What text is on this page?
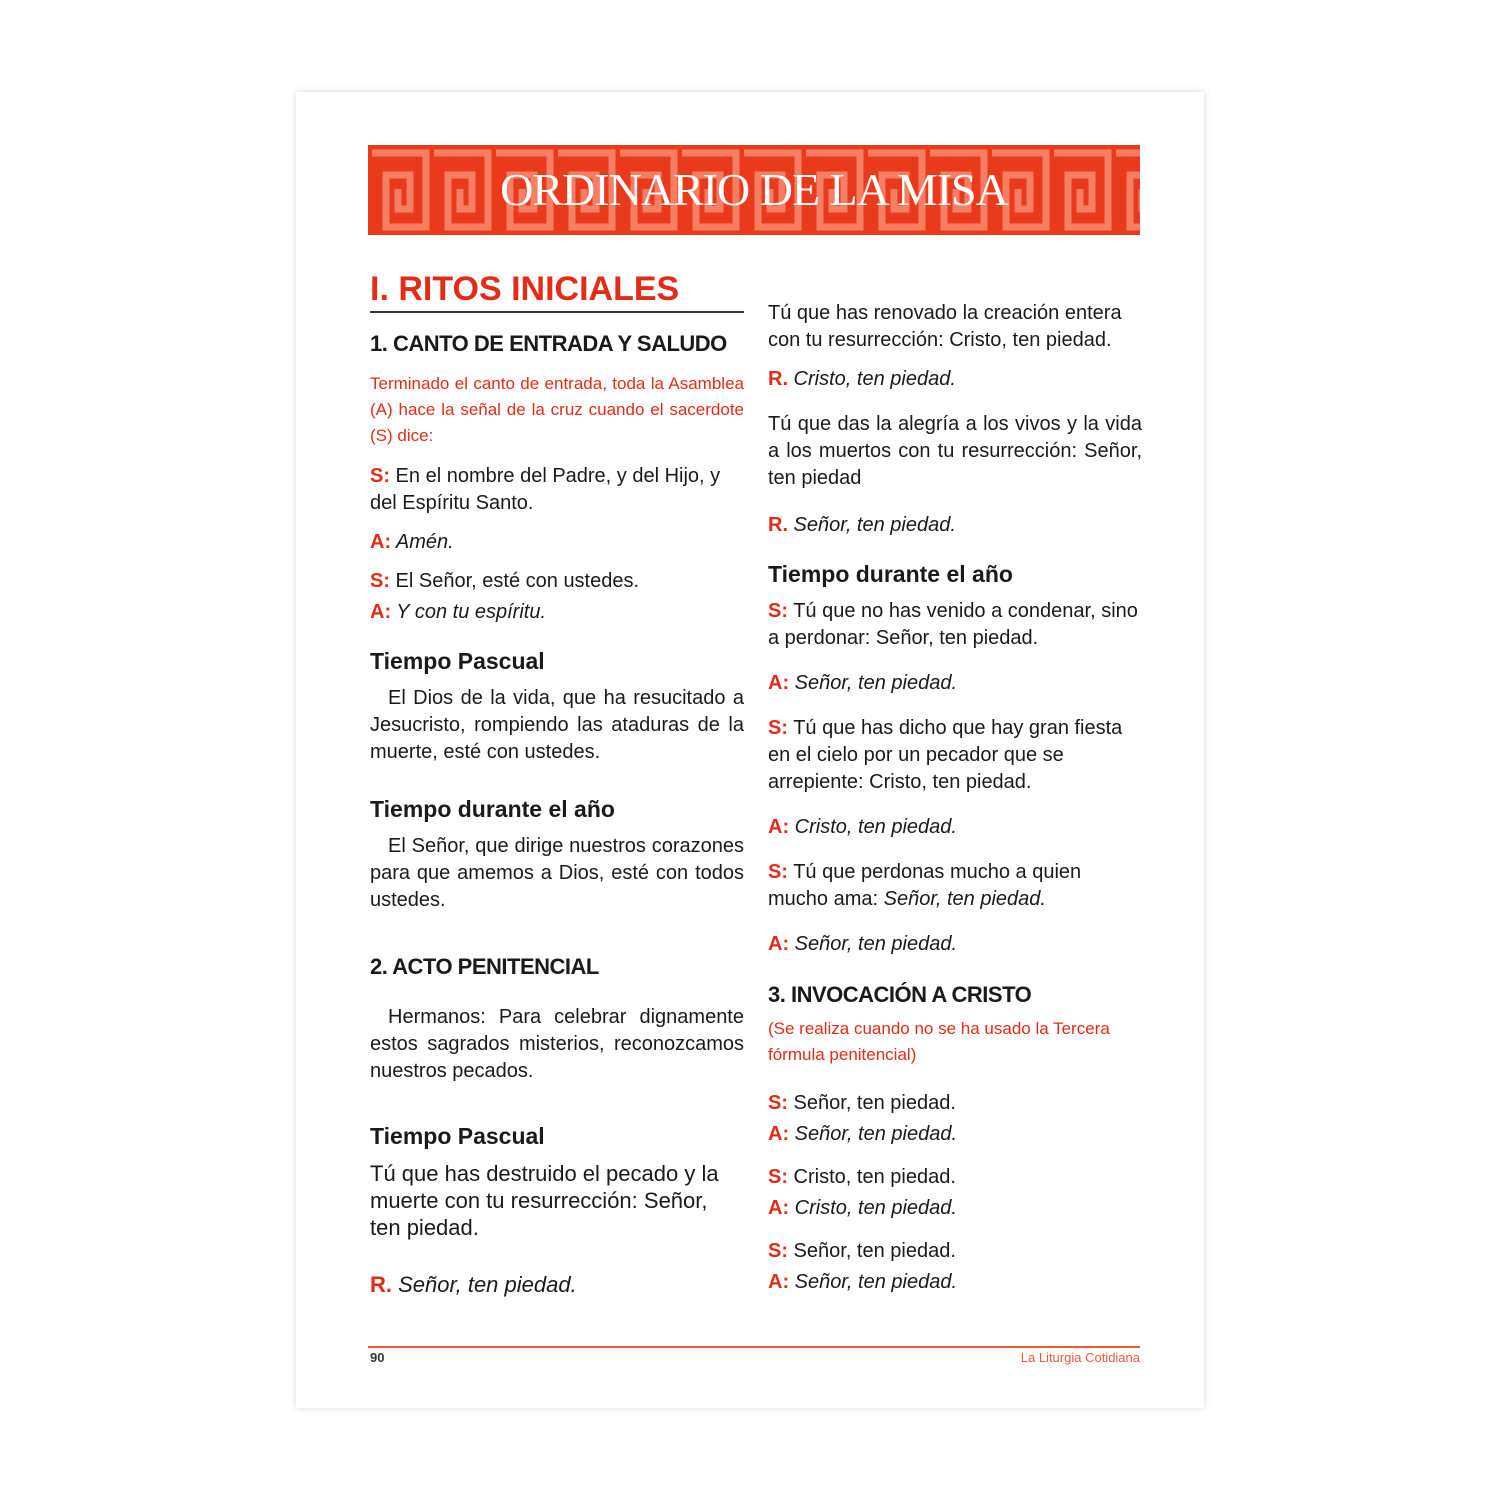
ORDINARIO DE LA MISA
I. RITOS INICIALES
1. CANTO DE ENTRADA Y SALUDO
Terminado el canto de entrada, toda la Asamblea (A) hace la señal de la cruz cuando el sacerdote (S) dice:

S: En el nombre del Padre, y del Hijo, y del Espíritu Santo.

A: Amén.

S: El Señor, esté con ustedes.

A: Y con tu espíritu.

Tiempo Pascual

El Dios de la vida, que ha resucitado a Jesucristo, rompiendo las ataduras de la muerte, esté con ustedes.

Tiempo durante el año

El Señor, que dirige nuestros corazones para que amemos a Dios, esté con todos ustedes.

2. ACTO PENITENCIAL

Hermanos: Para celebrar dignamente estos sagrados misterios, reconozcamos nuestros pecados.

Tiempo Pascual

Tú que has destruido el pecado y la muerte con tu resurrección: Señor, ten piedad.

R. Señor, ten piedad.

Tú que has renovado la creación entera con tu resurrección: Cristo, ten piedad.

R. Cristo, ten piedad.

Tú que das la alegría a los vivos y la vida a los muertos con tu resurrección: Señor, ten piedad

R. Señor, ten piedad.

Tiempo durante el año

S: Tú que no has venido a condenar, sino a perdonar: Señor, ten piedad.

A: Señor, ten piedad.

S: Tú que has dicho que hay gran fiesta en el cielo por un pecador que se arrepiente: Cristo, ten piedad.

A: Cristo, ten piedad.

S: Tú que perdonas mucho a quien mucho ama: Señor, ten piedad.

A: Señor, ten piedad.

3. INVOCACIÓN A CRISTO
(Se realiza cuando no se ha usado la Tercera fórmula penitencial)

S: Señor, ten piedad.

A: Señor, ten piedad.

S: Cristo, ten piedad.

A: Cristo, ten piedad.

S: Señor, ten piedad.

A: Señor, ten piedad.

90	La Liturgia Cotidiana
